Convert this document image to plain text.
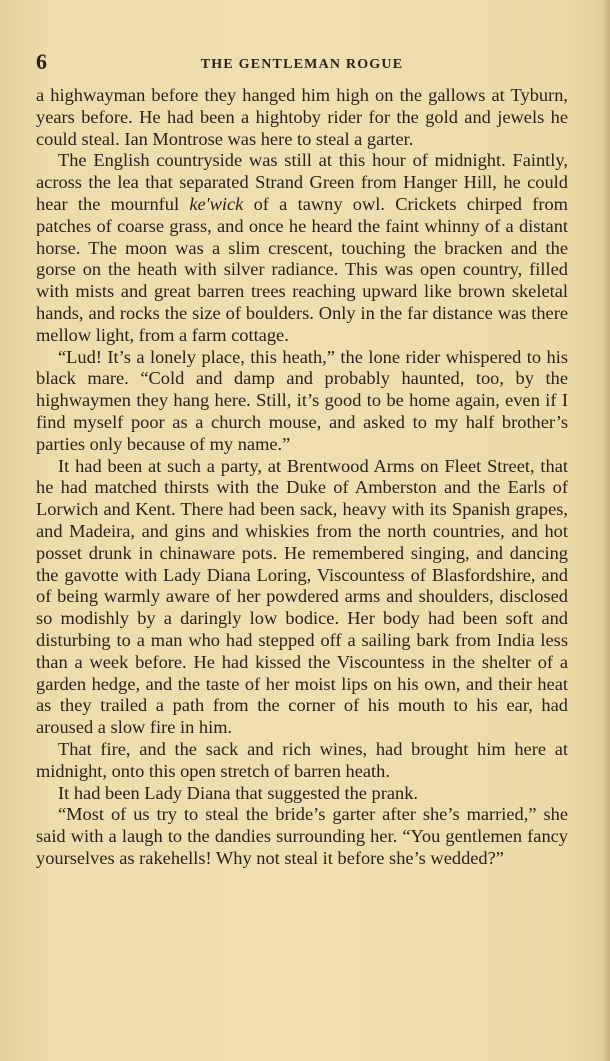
6	THE GENTLEMAN ROGUE

a highwayman before they hanged him high on the gallows at Tyburn, years before. He had been a hightoby rider for the gold and jewels he could steal. Ian Montrose was here to steal a garter.

The English countryside was still at this hour of midnight. Faintly, across the lea that separated Strand Green from Hanger Hill, he could hear the mournful ke'wick of a tawny owl. Crickets chirped from patches of coarse grass, and once he heard the faint whinny of a distant horse. The moon was a slim crescent, touching the bracken and the gorse on the heath with silver radiance. This was open country, filled with mists and great barren trees reaching upward like brown skeletal hands, and rocks the size of boulders. Only in the far distance was there mellow light, from a farm cottage.

“Lud! It’s a lonely place, this heath,” the lone rider whispered to his black mare. “Cold and damp and probably haunted, too, by the highwaymen they hang here. Still, it’s good to be home again, even if I find myself poor as a church mouse, and asked to my half brother’s parties only because of my name.”

It had been at such a party, at Brentwood Arms on Fleet Street, that he had matched thirsts with the Duke of Amberston and the Earls of Lorwich and Kent. There had been sack, heavy with its Spanish grapes, and Madeira, and gins and whiskies from the north countries, and hot posset drunk in chinaware pots. He remembered singing, and dancing the gavotte with Lady Diana Loring, Viscountess of Blasfordshire, and of being warmly aware of her powdered arms and shoulders, disclosed so modishly by a daringly low bodice. Her body had been soft and disturbing to a man who had stepped off a sailing bark from India less than a week before. He had kissed the Viscountess in the shelter of a garden hedge, and the taste of her moist lips on his own, and their heat as they trailed a path from the corner of his mouth to his ear, had aroused a slow fire in him.

That fire, and the sack and rich wines, had brought him here at midnight, onto this open stretch of barren heath.

It had been Lady Diana that suggested the prank.

“Most of us try to steal the bride’s garter after she’s married,” she said with a laugh to the dandies surrounding her. “You gentlemen fancy yourselves as rakehells! Why not steal it before she’s wedded?”
